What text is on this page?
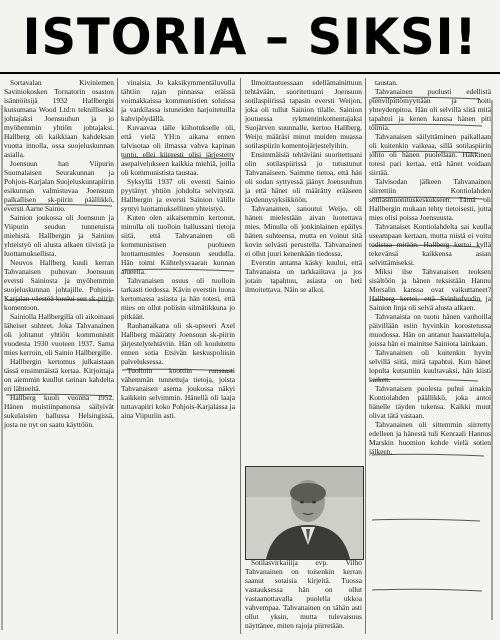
ISTORIA – SIKSI!

Sortavalan Kiviniemen Saviniokosken Tornatorin osaston isännöitsijä 1932 Hallbergin kutsumana Wood Ltd:n teknilliseksi johtajaksi Joensuuhun ja jo myöhemmin yhtiön johtajaksi. Hallberg oli kaikkiaan kahdeksan vuotta innolla, ossa suojeluskunnan asialla.

Joensuun han Viipurin Suomalaisen Seurakunnan ja Pohjois-Karjalan Suojeluskuntapiirin esikunnan valmistuvaa Joensuun palkallisen sk-piirin päällikkö, eversti Aarne Sainio.

Sainion joukossa oli Joensuun ja Viipurin seudun tunnetuista miehistä. Hallbergin ja Sainion yhteistyö oli alusta alkaen tiivistä ja luottamuksellista.

Neuvos Hallberg kuuli kerran Tahvanaisen puhuvan Joensuun eversti Sainiosta ja myöhemmin suojeluskunnan johtajille. Pohjois-Karjalan väestöä kuului sen sk-piirin komentoon.

Sainiolla Hallbergilla oli aikoinaan läheiset suhteet. Joka Tahvanainen oli johtanut yhtiön kommunistit vuodesta 1930 vuoteen 1937. Sama mies kerroin, oli Sainio Hallbergille.

Hallbergin kertomus julkaistaan tässä ensimmäistä kertaa. Kirjoittaja on aiemmin kuullut tarinan kahdelta eri lähteeltä.

Hallberg kuoli vuonna 1952. Hänen muistiinpanonsa säilyivät sukulaisten hallussa Helsingissä, josta ne nyt on saatu käyttöön.

vinaisia. Jo kaksikymmentäluvulla tähtiin rajan pinnassa eräissä voimakkaissa kommunistien soluissa ja vankilassa istuneiden harjoitetuilla kahvipöydällä.

Kuvaavaa tälle kiihotukselle oli, että vielä YH:n aikana ennen talvisotaa oli ilmassa vahva kapinan tuntu, ellei kiireesti olisi järjestetty asepalvelukseen kaikkia miehiä, joilla oli kommunistista taustaa.

Syksyllä 1937 oli eversti Sainio pyytänyt yhtiön johdolta selvitystä. Hallbergin ja eversti Sainion välille syntyi luottamuksellinen yhteistyö.

Kuten olen aikaisemmin kertonut, minulla oli tuolloin hallussani tietoja siitä, että Tahvanainen oli kommunistisen puolueen luottamusmies Joensuun seudulla. Hän toimi Kiihtelysvaaran kunnan alueella.

Tahvanaisen osuus oli tuolloin tarkasti tiedossa. Kävin everstin luona kertomassa asiasta ja hän totesi, että mies on ollut poliisin silmätikkuna jo pitkään.

Rauhanaikana oli sk-upseeri Axel Hallberg määrätty Joensuun sk-piirin järjestelytehtäviin. Hän oli koulutettu ennen sotia Etsivän keskuspoliisin palveluksessa.

Tuolloin koottiin runsaasti vähemmän tunnettuja tietoja, joista Tahvanaisen asema joukossa näkyi kaikkein selvimmin. Hänellä oli laaja tuttavapiiri koko Pohjois-Karjalassa ja aina Viipuriin asti.

Ilmoittautuessaan edellämainittuun tehtävään, suoritettuani Joensuun sotilaspiirissä tapasin eversti Weijon, joka oli tullut Sainion tilalle. Sainion joutuessa rykmentinkomentajaksi Suojärven suunnalle, kertoo Hallberg, Weijo määräsi minut muiden muassa sotilaspiirin komentojärjestelyihin.

Ensimmäisiä tehtäviäni suoritettuani olin sotilaspiirissä jo tutustunut Tahvanaiseen. Saimme tietoa, että hän oli sodan syttyessä jäänyt Joensuuhun ja että hänet oli määrätty erääseen täydennysyksikköön.

Tahvanainen, sanoutui Weijo, oli hänen mielestään aivan luotettava mies. Minulla oli jonkinlainen epäilys hänen suhteensa, mutta en voinut sitä kovin selvästi perustella. Tahvanainen ei ollut juuri kenenkään tiedossa.

Everstin antama käsky kuului, että Tahvanaista on tarkkailtava ja jos jotain tapahtuu, asiasta on heti ilmoitettava. Näin se alkoi.

Sotilasvirkailija evp. Vilho Tahvanainen on toisenkin kerran saanut sotaisia kirjeitä. Tuossa vastauksessa hän on ollut vastaanottavalla puolella ukkoa vahvempaa. Tahvanainen on tähän asti ollut yksin, mutta tulevaisuus näyttänee, miten rajoja piirretään.

taustan.

Tahvanainen puolusti edellistä pienvilpittömyyttään ja hoiti yhteydenpitoa. Hän oli selvillä siitä mitä tapahtui ja kenen kanssa hänen piti toimia.

Tahvanaisen säilyttäminen paikallaan oli kuitenkin vaikeaa, sillä sotilaspiirin johto oli hänen puolellaan. Häkkinen totesi pari kertaa, että hänet voidaan siirtää.

Talvisodan jälkeen Tahvanainen siirrettiin Kontiolahden sotilasmuonituskeskukseen. Tämä oli Hallbergin mukaan tehty tietoisesti, jotta mies olisi poissa Joensuusta.

Tahvanaiset Kontiolahdelta sai kuulla useampaan kertaan, mutta niistä ei voitu todistaa mitään. Hallberg kertoi kyllä tekevänsä kaikkensa asian selvittämiseksi.

Miksi ilse Tahvanaisen teoksen sisältöön ja hänen teksistään Hannu Morsalin kanssa ovat vaikuttaneet? Hallberg kertoi, että Svinhufvudin ja Sainion linja oli selvä alusta alkaen.

Tahvanaista on tuotu hänen vanhoilla päivillään esiin hyvinkin korostetussa muodossa. Hän on antanut haastatteluja, joissa hän ei mainitse Sainiota lainkaan.

Tahvanainen oli kuitenkin hyvin selvillä siitä, mitä tapahtui. Kun hänet lopulta kutsuttiin kuultavaksi, hän kiisti kaiken.

Tahvanaisen puolesta puhui ainakin Kontiolahden päällikkö, joka antoi hänelle täyden tukensa. Kaikki muut olivat tätä vastaan.

Tahvanainen oli sittemmin siirretty edelleen ja hänestä tuli Kenraali Hannus Marskin huomion kohde vielä sotien jälkeen.
